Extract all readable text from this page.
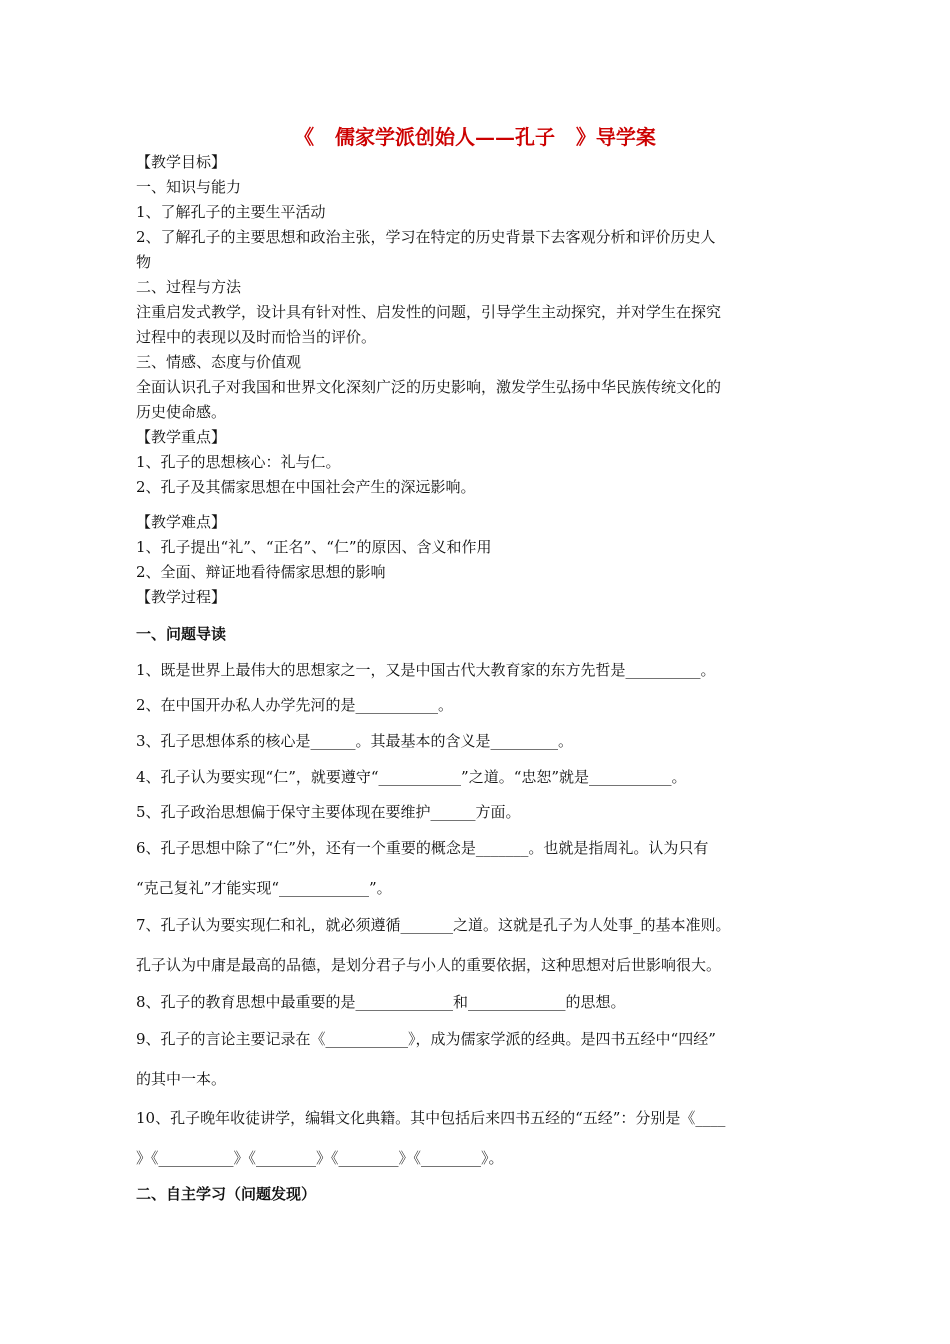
《   儒家学派创始人——孔子   》导学案
【教学目标】
一、知识与能力
1、了解孔子的主要生平活动
2、了解孔子的主要思想和政治主张，学习在特定的历史背景下去客观分析和评价历史人
物
二、过程与方法
注重启发式教学，设计具有针对性、启发性的问题，引导学生主动探究，并对学生在探究
过程中的表现以及时而恰当的评价。
三、情感、态度与价值观
全面认识孔子对我国和世界文化深刻广泛的历史影响，激发学生弘扬中华民族传统文化的
历史使命感。
【教学重点】
1、孔子的思想核心：礼与仁。
2、孔子及其儒家思想在中国社会产生的深远影响。
【教学难点】
1、孔子提出“礼”、“正名”、“仁”的原因、含义和作用
2、全面、辩证地看待儒家思想的影响
【教学过程】
一、问题导读
1、既是世界上最伟大的思想家之一，又是中国古代大教育家的东方先哲是__________。
2、在中国开办私人办学先河的是___________。
3、孔子思想体系的核心是______。其最基本的含义是_________。
4、孔子认为要实现“仁”，就要遵守“___________”之道。“忠恕”就是___________。
5、孔子政治思想偏于保守主要体现在要维护______方面。
6、孔子思想中除了“仁”外，还有一个重要的概念是_______。也就是指周礼。认为只有
“克己复礼”才能实现“____________”。
7、孔子认为要实现仁和礼，就必须遵循_______之道。这就是孔子为人处事_的基本准则。
孔子认为中庸是最高的品德，是划分君子与小人的重要依据，这种思想对后世影响很大。
8、孔子的教育思想中最重要的是_____________和_____________的思想。
9、孔子的言论主要记录在《___________》，成为儒家学派的经典。是四书五经中“四经”
的其中一本。
10、孔子晚年收徒讲学，编辑文化典籍。其中包括后来四书五经的“五经”：分别是《____
》《__________》《________》《________》《________》。
二、自主学习（问题发现）
